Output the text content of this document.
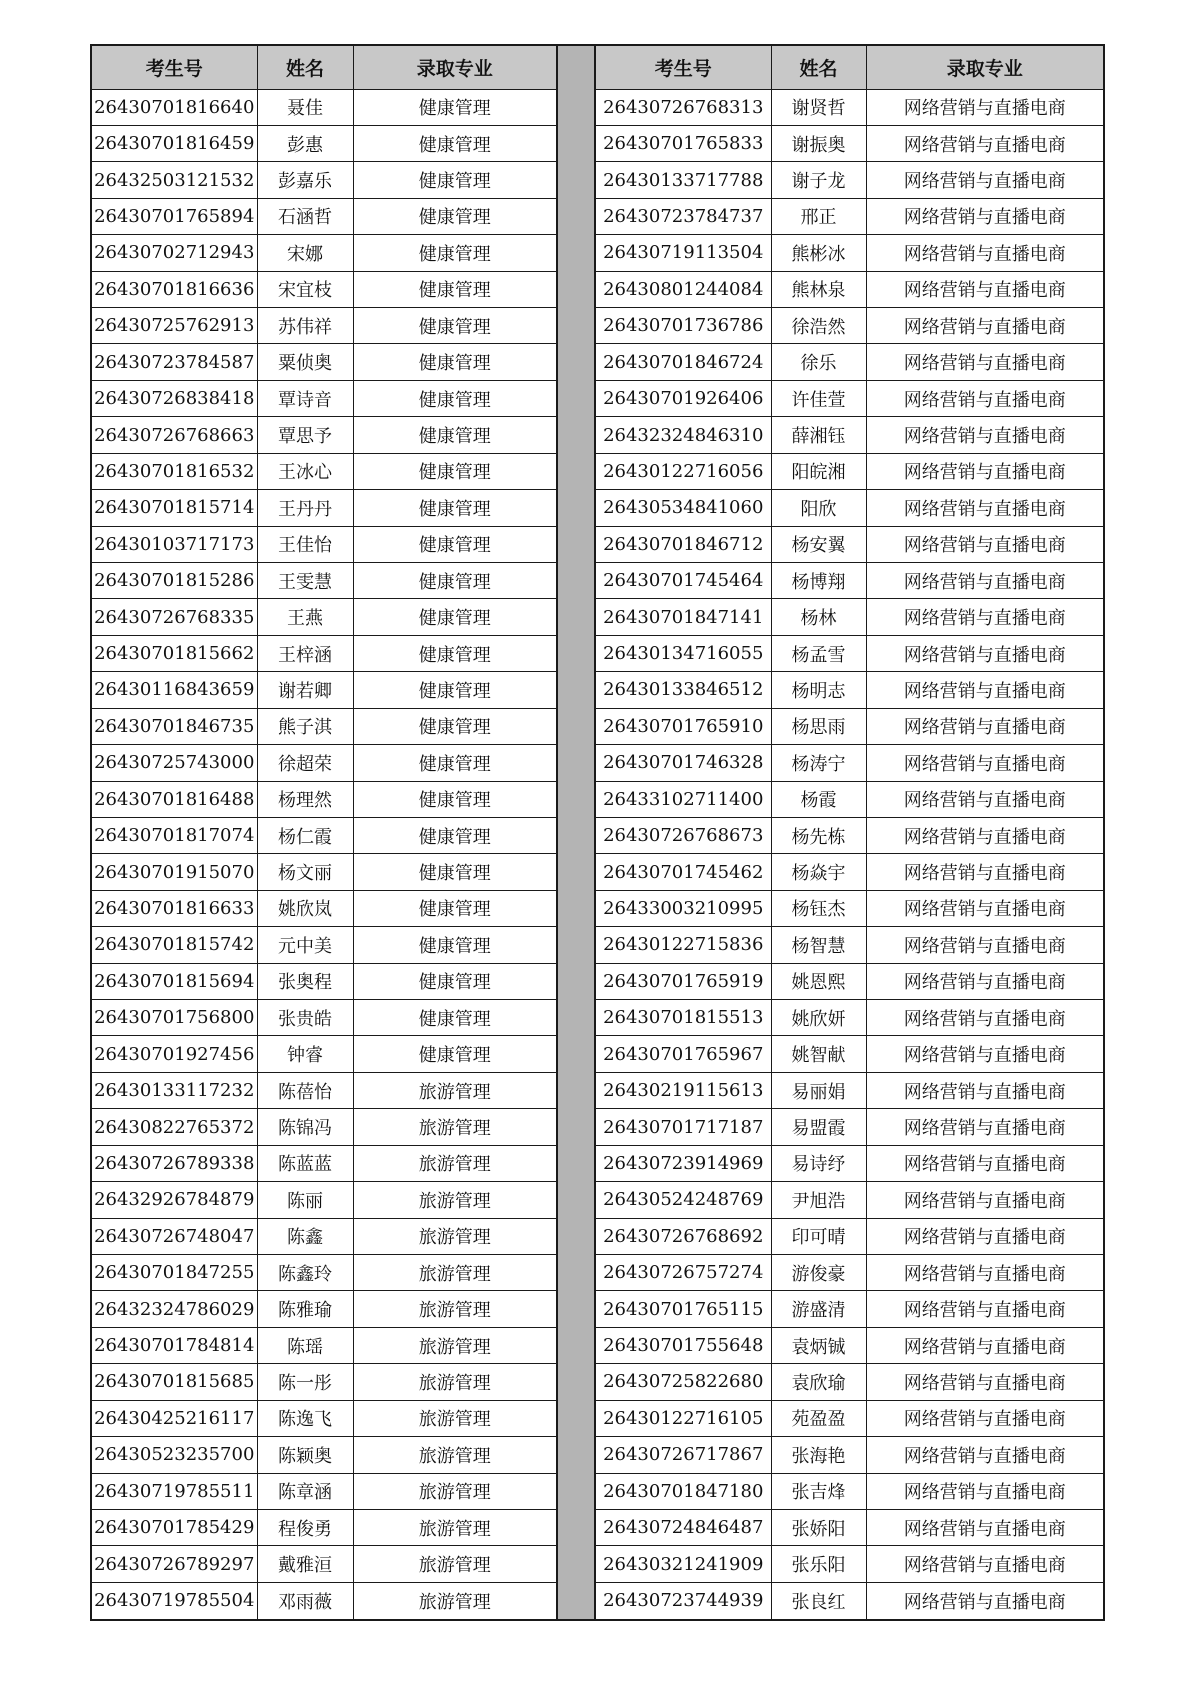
考生号	姓名	录取专业
26430701816640	聂佳	健康管理
26430701816459	彭惠	健康管理
26432503121532	彭嘉乐	健康管理
26430701765894	石涵哲	健康管理
26430702712943	宋娜	健康管理
26430701816636	宋宜枝	健康管理
26430725762913	苏伟祥	健康管理
26430723784587	粟侦奥	健康管理
26430726838418	覃诗音	健康管理
26430726768663	覃思予	健康管理
26430701816532	王冰心	健康管理
26430701815714	王丹丹	健康管理
26430103717173	王佳怡	健康管理
26430701815286	王雯慧	健康管理
26430726768335	王燕	健康管理
26430701815662	王梓涵	健康管理
26430116843659	谢若卿	健康管理
26430701846735	熊子淇	健康管理
26430725743000	徐超荣	健康管理
26430701816488	杨理然	健康管理
26430701817074	杨仁霞	健康管理
26430701915070	杨文丽	健康管理
26430701816633	姚欣岚	健康管理
26430701815742	元中美	健康管理
26430701815694	张奥程	健康管理
26430701756800	张贵皓	健康管理
26430701927456	钟睿	健康管理
26430133117232	陈蓓怡	旅游管理
26430822765372	陈锦冯	旅游管理
26430726789338	陈蓝蓝	旅游管理
26432926784879	陈丽	旅游管理
26430726748047	陈鑫	旅游管理
26430701847255	陈鑫玲	旅游管理
26432324786029	陈雅瑜	旅游管理
26430701784814	陈瑶	旅游管理
26430701815685	陈一彤	旅游管理
26430425216117	陈逸飞	旅游管理
26430523235700	陈颖奥	旅游管理
26430719785511	陈章涵	旅游管理
26430701785429	程俊勇	旅游管理
26430726789297	戴雅洹	旅游管理
26430719785504	邓雨薇	旅游管理
考生号	姓名	录取专业
26430726768313	谢贤哲	网络营销与直播电商
26430701765833	谢振奥	网络营销与直播电商
26430133717788	谢子龙	网络营销与直播电商
26430723784737	邢正	网络营销与直播电商
26430719113504	熊彬冰	网络营销与直播电商
26430801244084	熊林泉	网络营销与直播电商
26430701736786	徐浩然	网络营销与直播电商
26430701846724	徐乐	网络营销与直播电商
26430701926406	许佳萱	网络营销与直播电商
26432324846310	薛湘钰	网络营销与直播电商
26430122716056	阳皖湘	网络营销与直播电商
26430534841060	阳欣	网络营销与直播电商
26430701846712	杨安翼	网络营销与直播电商
26430701745464	杨博翔	网络营销与直播电商
26430701847141	杨林	网络营销与直播电商
26430134716055	杨孟雪	网络营销与直播电商
26430133846512	杨明志	网络营销与直播电商
26430701765910	杨思雨	网络营销与直播电商
26430701746328	杨涛宁	网络营销与直播电商
26433102711400	杨霞	网络营销与直播电商
26430726768673	杨先栋	网络营销与直播电商
26430701745462	杨焱宇	网络营销与直播电商
26433003210995	杨钰杰	网络营销与直播电商
26430122715836	杨智慧	网络营销与直播电商
26430701765919	姚恩熙	网络营销与直播电商
26430701815513	姚欣妍	网络营销与直播电商
26430701765967	姚智献	网络营销与直播电商
26430219115613	易丽娟	网络营销与直播电商
26430701717187	易盟霞	网络营销与直播电商
26430723914969	易诗纾	网络营销与直播电商
26430524248769	尹旭浩	网络营销与直播电商
26430726768692	印可晴	网络营销与直播电商
26430726757274	游俊豪	网络营销与直播电商
26430701765115	游盛清	网络营销与直播电商
26430701755648	袁炳铖	网络营销与直播电商
26430725822680	袁欣瑜	网络营销与直播电商
26430122716105	苑盈盈	网络营销与直播电商
26430726717867	张海艳	网络营销与直播电商
26430701847180	张吉烽	网络营销与直播电商
26430724846487	张娇阳	网络营销与直播电商
26430321241909	张乐阳	网络营销与直播电商
26430723744939	张良红	网络营销与直播电商
